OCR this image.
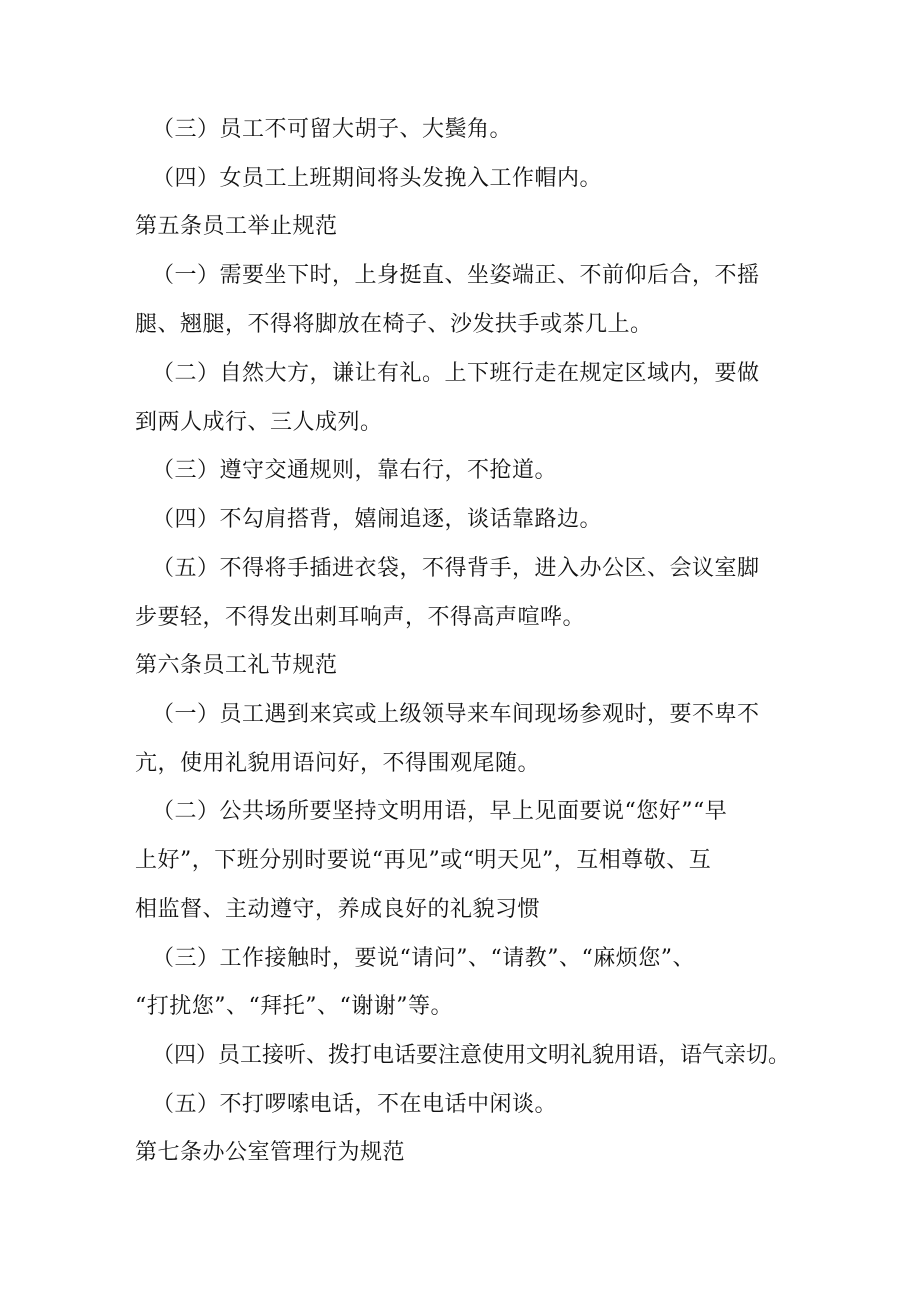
（三）员工不可留大胡子、大鬓角。
（四）女员工上班期间将头发挽入工作帽内。
第五条员工举止规范
（一）需要坐下时，上身挺直、坐姿端正、不前仰后合，不摇
腿、翘腿，不得将脚放在椅子、沙发扶手或茶几上。
（二）自然大方，谦让有礼。上下班行走在规定区域内，要做
到两人成行、三人成列。
（三）遵守交通规则，靠右行，不抢道。
（四）不勾肩搭背，嬉闹追逐，谈话靠路边。
（五）不得将手插进衣袋，不得背手，进入办公区、会议室脚
步要轻，不得发出刺耳响声，不得高声喧哗。
第六条员工礼节规范
（一）员工遇到来宾或上级领导来车间现场参观时，要不卑不
亢，使用礼貌用语问好，不得围观尾随。
（二）公共场所要坚持文明用语，早上见面要说“您好”“早
上好”，下班分别时要说“再见”或“明天见”，互相尊敬、互
相监督、主动遵守，养成良好的礼貌习惯
（三）工作接触时，要说“请问”、“请教”、“麻烦您”、
“打扰您”、“拜托”、“谢谢”等。
（四）员工接听、拨打电话要注意使用文明礼貌用语，语气亲切。
（五）不打啰嗦电话，不在电话中闲谈。
第七条办公室管理行为规范
